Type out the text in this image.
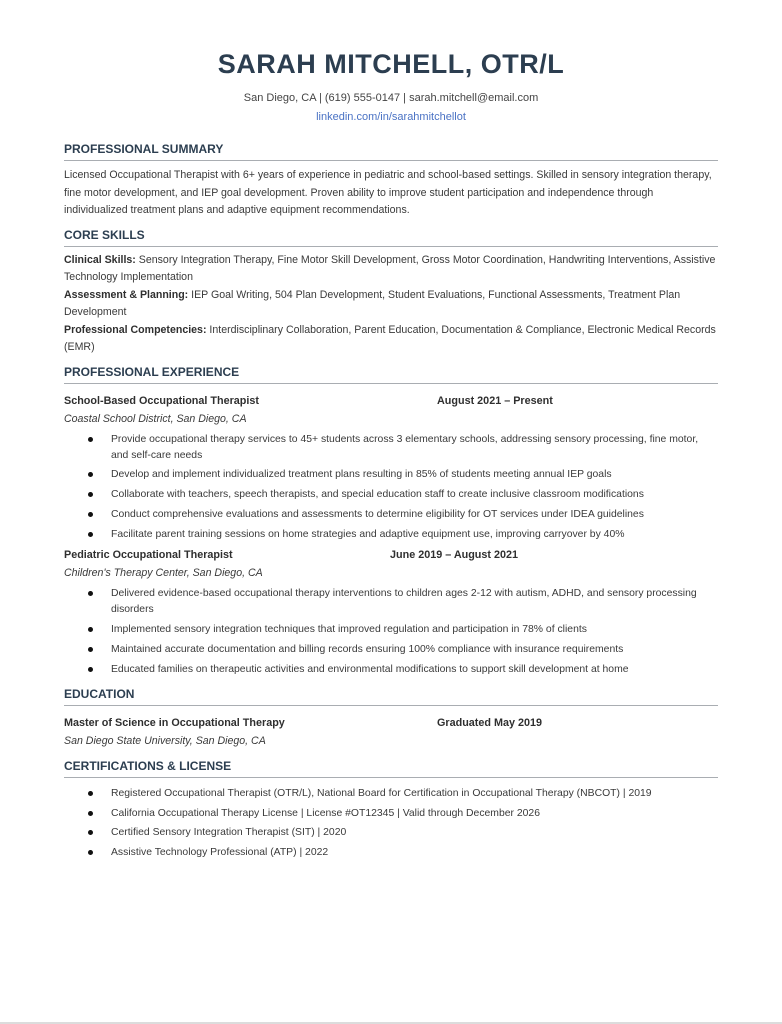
SARAH MITCHELL, OTR/L
San Diego, CA | (619) 555-0147 | sarah.mitchell@email.com
linkedin.com/in/sarahmitchellot
PROFESSIONAL SUMMARY
Licensed Occupational Therapist with 6+ years of experience in pediatric and school-based settings. Skilled in sensory integration therapy, fine motor development, and IEP goal development. Proven ability to improve student participation and independence through individualized treatment plans and adaptive equipment recommendations.
CORE SKILLS
Clinical Skills: Sensory Integration Therapy, Fine Motor Skill Development, Gross Motor Coordination, Handwriting Interventions, Assistive Technology Implementation
Assessment & Planning: IEP Goal Writing, 504 Plan Development, Student Evaluations, Functional Assessments, Treatment Plan Development
Professional Competencies: Interdisciplinary Collaboration, Parent Education, Documentation & Compliance, Electronic Medical Records (EMR)
PROFESSIONAL EXPERIENCE
School-Based Occupational Therapist	August 2021 – Present
Coastal School District, San Diego, CA
Provide occupational therapy services to 45+ students across 3 elementary schools, addressing sensory processing, fine motor, and self-care needs
Develop and implement individualized treatment plans resulting in 85% of students meeting annual IEP goals
Collaborate with teachers, speech therapists, and special education staff to create inclusive classroom modifications
Conduct comprehensive evaluations and assessments to determine eligibility for OT services under IDEA guidelines
Facilitate parent training sessions on home strategies and adaptive equipment use, improving carryover by 40%
Pediatric Occupational Therapist	June 2019 – August 2021
Children's Therapy Center, San Diego, CA
Delivered evidence-based occupational therapy interventions to children ages 2-12 with autism, ADHD, and sensory processing disorders
Implemented sensory integration techniques that improved regulation and participation in 78% of clients
Maintained accurate documentation and billing records ensuring 100% compliance with insurance requirements
Educated families on therapeutic activities and environmental modifications to support skill development at home
EDUCATION
Master of Science in Occupational Therapy	Graduated May 2019
San Diego State University, San Diego, CA
CERTIFICATIONS & LICENSE
Registered Occupational Therapist (OTR/L), National Board for Certification in Occupational Therapy (NBCOT) | 2019
California Occupational Therapy License | License #OT12345 | Valid through December 2026
Certified Sensory Integration Therapist (SIT) | 2020
Assistive Technology Professional (ATP) | 2022
